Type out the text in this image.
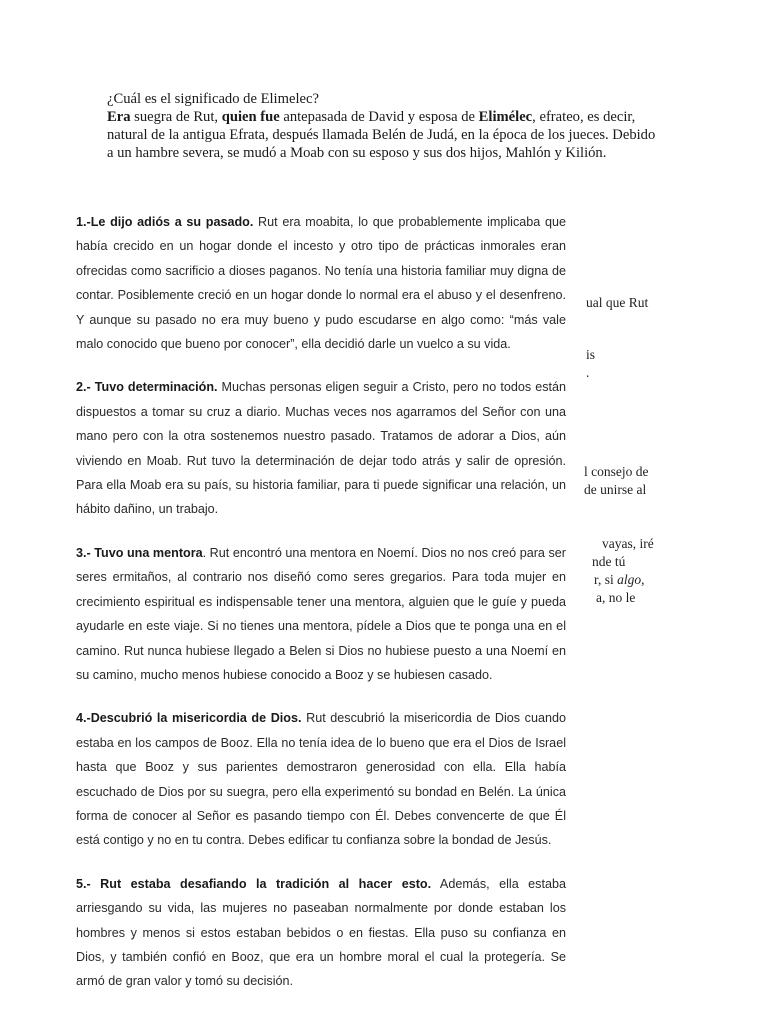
¿Cuál es el significado de Elimelec?

Era suegra de Rut, quien fue antepasada de David y esposa de Elimélec, efrateo, es decir, natural de la antigua Efrata, después llamada Belén de Judá, en la época de los jueces. Debido a un hambre severa, se mudó a Moab con su esposo y sus dos hijos, Mahlón y Kilión.

ual que Rut
is
.
l consejo de
de unirse al
vayas, iré
nde tú
r, si algo,
a, no le

1.-Le dijo adiós a su pasado. Rut era moabita, lo que probablemente implicaba que había crecido en un hogar donde el incesto y otro tipo de prácticas inmorales eran ofrecidas como sacrificio a dioses paganos. No tenía una historia familiar muy digna de contar. Posiblemente creció en un hogar donde lo normal era el abuso y el desenfreno. Y aunque su pasado no era muy bueno y pudo escudarse en algo como: “más vale malo conocido que bueno por conocer”, ella decidió darle un vuelco a su vida.

2.- Tuvo determinación. Muchas personas eligen seguir a Cristo, pero no todos están dispuestos a tomar su cruz a diario. Muchas veces nos agarramos del Señor con una mano pero con la otra sostenemos nuestro pasado. Tratamos de adorar a Dios, aún viviendo en Moab. Rut tuvo la determinación de dejar todo atrás y salir de opresión. Para ella Moab era su país, su historia familiar, para ti puede significar una relación, un hábito dañino, un trabajo.

3.- Tuvo una mentora. Rut encontró una mentora en Noemí. Dios no nos creó para ser seres ermitaños, al contrario nos diseñó como seres gregarios. Para toda mujer en crecimiento espiritual es indispensable tener una mentora, alguien que le guíe y pueda ayudarle en este viaje. Si no tienes una mentora, pídele a Dios que te ponga una en el camino. Rut nunca hubiese llegado a Belen si Dios no hubiese puesto a una Noemí en su camino, mucho menos hubiese conocido a Booz y se hubiesen casado.

4.-Descubrió la misericordia de Dios. Rut descubrió la misericordia de Dios cuando estaba en los campos de Booz. Ella no tenía idea de lo bueno que era el Dios de Israel hasta que Booz y sus parientes demostraron generosidad con ella. Ella había escuchado de Dios por su suegra, pero ella experimentó su bondad en Belén. La única forma de conocer al Señor es pasando tiempo con Él. Debes convencerte de que Él está contigo y no en tu contra. Debes edificar tu confianza sobre la bondad de Jesús.

5.- Rut estaba desafiando la tradición al hacer esto. Además, ella estaba arriesgando su vida, las mujeres no paseaban normalmente por donde estaban los hombres y menos si estos estaban bebidos o en fiestas. Ella puso su confianza en Dios, y también confió en Booz, que era un hombre moral el cual la protegería. Se armó de gran valor y tomó su decisión.
